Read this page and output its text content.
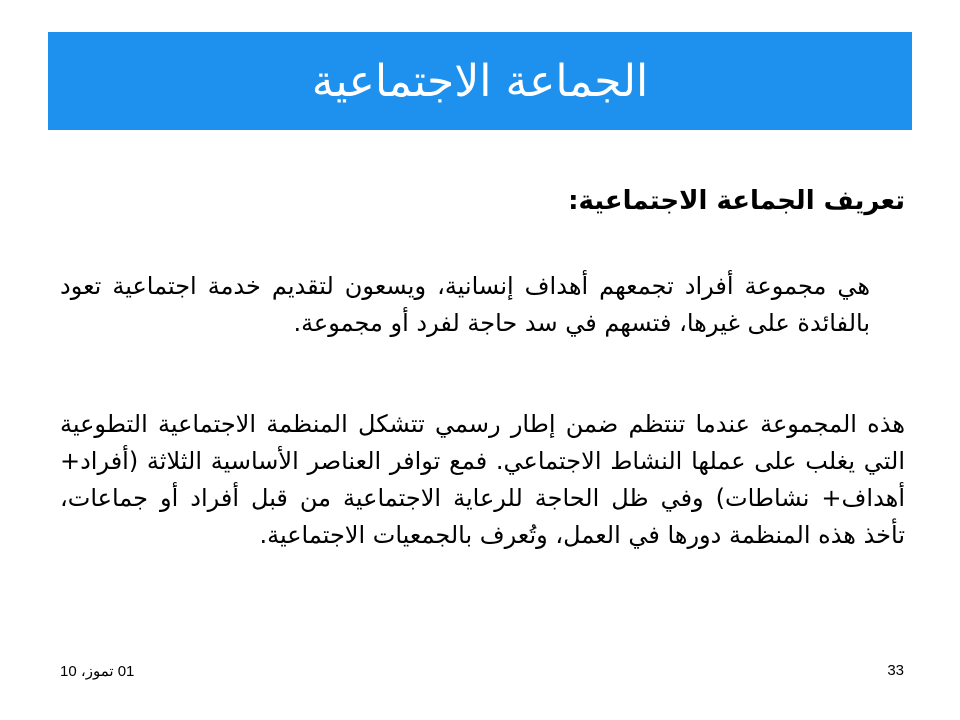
الجماعة الاجتماعية
تعريف الجماعة الاجتماعية:
هي مجموعة أفراد تجمعهم أهداف إنسانية، ويسعون لتقديم خدمة اجتماعية تعود بالفائدة على غيرها، فتسهم في سد حاجة لفرد أو مجموعة.
هذه المجموعة عندما تنتظم ضمن إطار رسمي تتشكل المنظمة الاجتماعية التطوعية التي يغلب على عملها النشاط الاجتماعي. فمع توافر العناصر الأساسية الثلاثة (أفراد+ أهداف+ نشاطات) وفي ظل الحاجة للرعاية الاجتماعية من قبل أفراد أو جماعات، تأخذ هذه المنظمة دورها في العمل، وتُعرف بالجمعيات الاجتماعية.
01 تموز، 10	33
